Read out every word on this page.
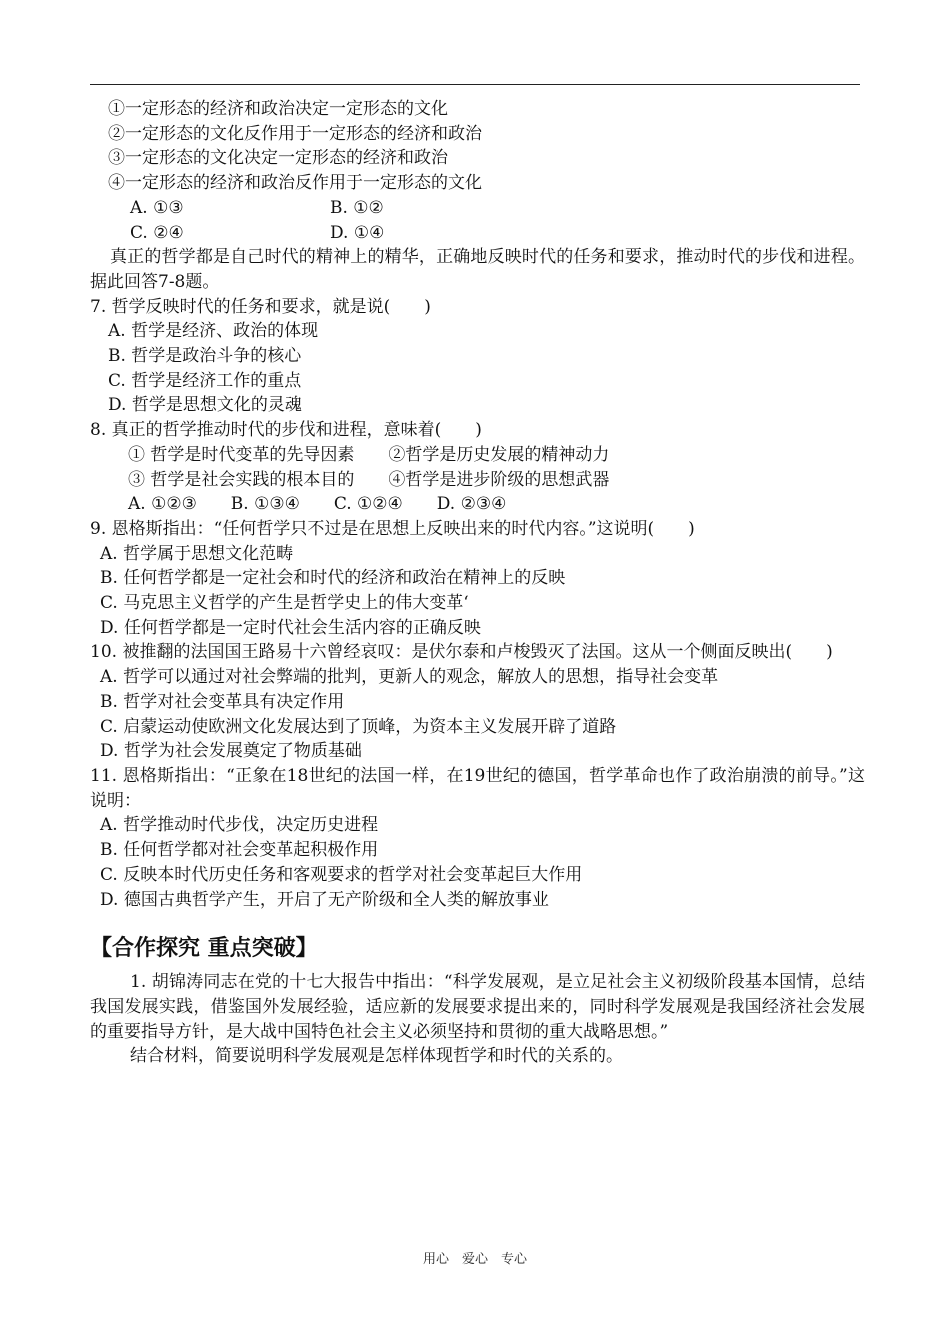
①一定形态的经济和政治决定一定形态的文化
②一定形态的文化反作用于一定形态的经济和政治
③一定形态的文化决定一定形态的经济和政治
④一定形态的经济和政治反作用于一定形态的文化
A. ①③	B. ①②
C. ②④	D. ①④
真正的哲学都是自己时代的精神上的精华，正确地反映时代的任务和要求，推动时代的步伐和进程。据此回答7-8题。
7. 哲学反映时代的任务和要求，就是说(　　)
A. 哲学是经济、政治的体现
B. 哲学是政治斗争的核心
C. 哲学是经济工作的重点
D. 哲学是思想文化的灵魂
8. 真正的哲学推动时代的步伐和进程，意味着(　　)
① 哲学是时代变革的先导因素　　②哲学是历史发展的精神动力
③ 哲学是社会实践的根本目的　　④哲学是进步阶级的思想武器
A. ①②③　　B. ①③④　　C. ①②④　　D. ②③④
9. 恩格斯指出：“任何哲学只不过是在思想上反映出来的时代内容。”这说明(　　)
A. 哲学属于思想文化范畴
B. 任何哲学都是一定社会和时代的经济和政治在精神上的反映
C. 马克思主义哲学的产生是哲学史上的伟大变革‘
D. 任何哲学都是一定时代社会生活内容的正确反映
10. 被推翻的法国国王路易十六曾经哀叹：是伏尔泰和卢梭毁灭了法国。这从一个侧面反映出(　　)
A. 哲学可以通过对社会弊端的批判，更新人的观念，解放人的思想，指导社会变革
B. 哲学对社会变革具有决定作用
C. 启蒙运动使欧洲文化发展达到了顶峰，为资本主义发展开辟了道路
D. 哲学为社会发展奠定了物质基础
11. 恩格斯指出：“正象在18世纪的法国一样，在19世纪的德国，哲学革命也作了政治崩溃的前导。”这说明：
A. 哲学推动时代步伐，决定历史进程
B. 任何哲学都对社会变革起积极作用
C. 反映本时代历史任务和客观要求的哲学对社会变革起巨大作用
D. 德国古典哲学产生，开启了无产阶级和全人类的解放事业
【合作探究 重点突破】
1. 胡锦涛同志在党的十七大报告中指出：“科学发展观，是立足社会主义初级阶段基本国情，总结我国发展实践，借鉴国外发展经验，适应新的发展要求提出来的，同时科学发展观是我国经济社会发展的重要指导方针，是大战中国特色社会主义必须坚持和贯彻的重大战略思想。”
结合材料，简要说明科学发展观是怎样体现哲学和时代的关系的。
用心　爱心　专心
